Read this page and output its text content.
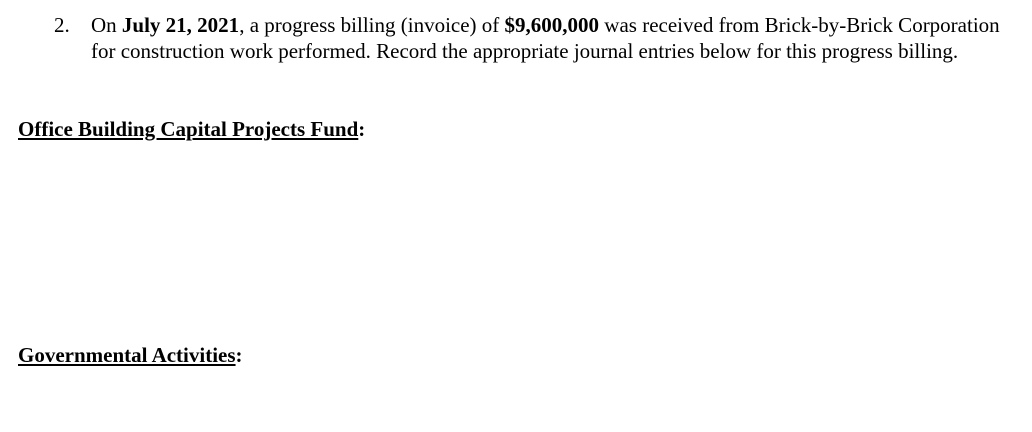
2.	On July 21, 2021, a progress billing (invoice) of $9,600,000 was received from Brick-by-Brick Corporation for construction work performed. Record the appropriate journal entries below for this progress billing.
Office Building Capital Projects Fund:
Governmental Activities:
